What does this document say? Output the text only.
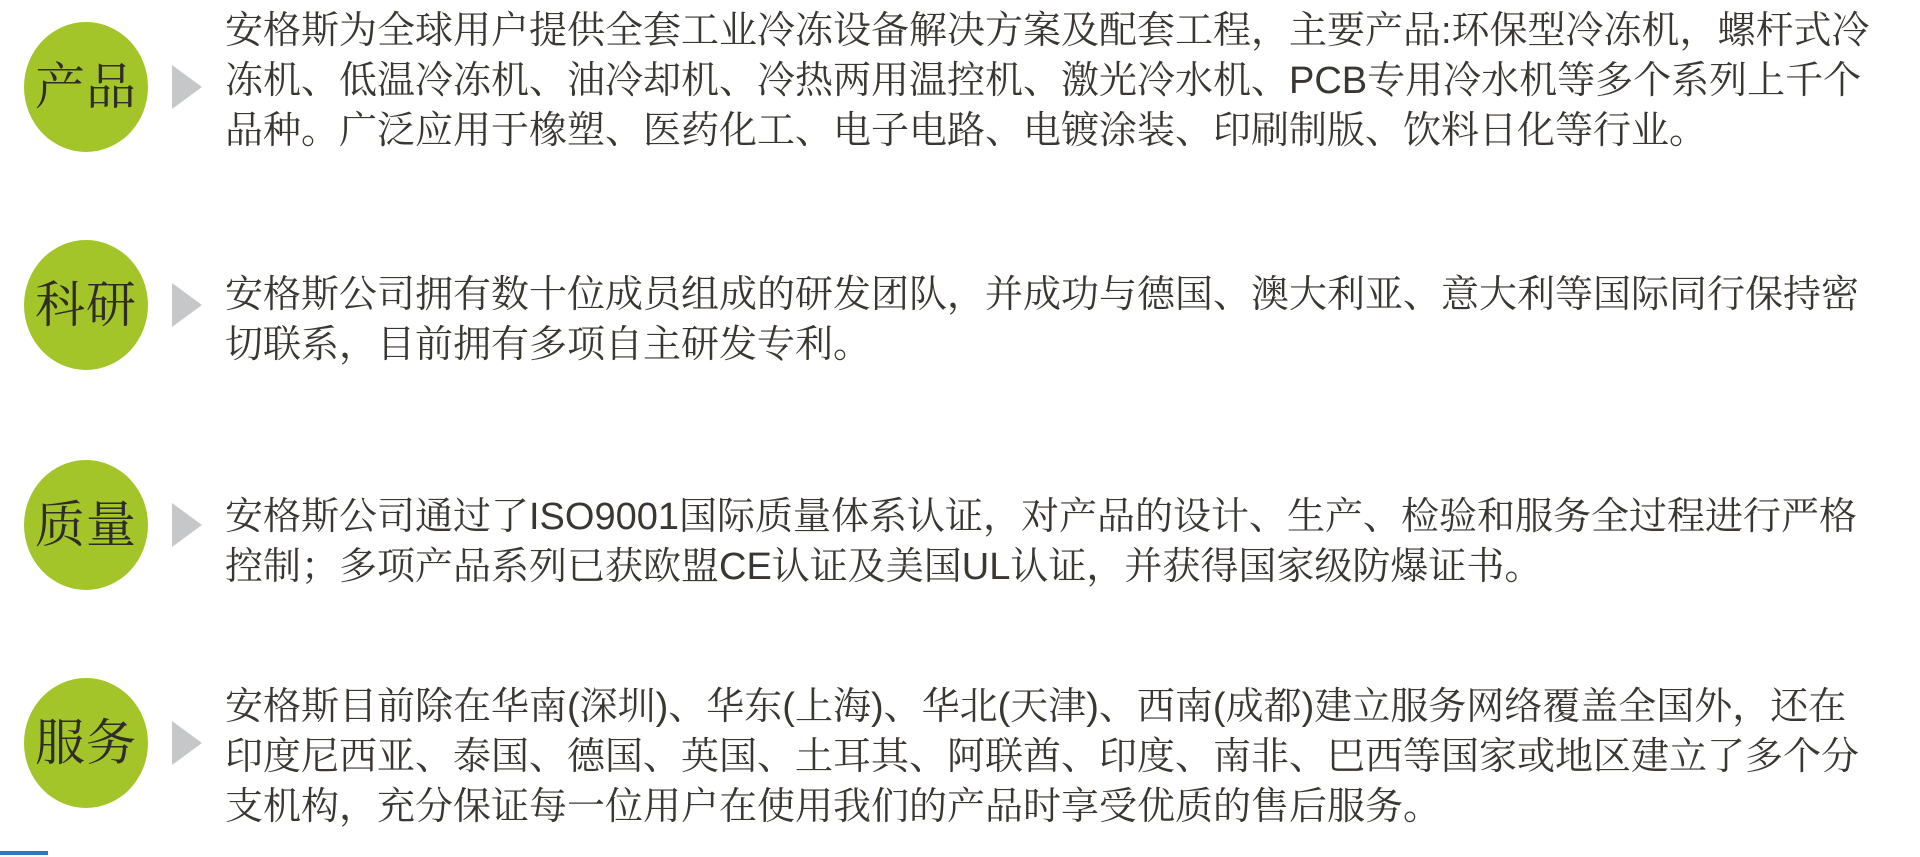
产品
安格斯为全球用户提供全套工业冷冻设备解决方案及配套工程，主要产品:环保型冷冻机，螺杆式冷
冻机、低温冷冻机、油冷却机、冷热两用温控机、激光冷水机、PCB专用冷水机等多个系列上千个
品种。广泛应用于橡塑、医药化工、电子电路、电镀涂装、印刷制版、饮料日化等行业。
科研 安格斯公司拥有数十位成员组成的研发团队，并成功与德国、澳大利亚、意大利等国际同行保持密
切联系，目前拥有多项自主研发专利。
质量 安格斯公司通过了ISO9001国际质量体系认证，对产品的设计、生产、检验和服务全过程进行严格
控制；多项产品系列已获欧盟CE认证及美国UL认证，并获得国家级防爆证书。
服务
安格斯目前除在华南(深圳)、华东(上海)、华北(天津)、西南(成都)建立服务网络覆盖全国外，还在
印度尼西亚、泰国、德国、英国、土耳其、阿联酋、印度、南非、巴西等国家或地区建立了多个分
支机构，充分保证每一位用户在使用我们的产品时享受优质的售后服务。
